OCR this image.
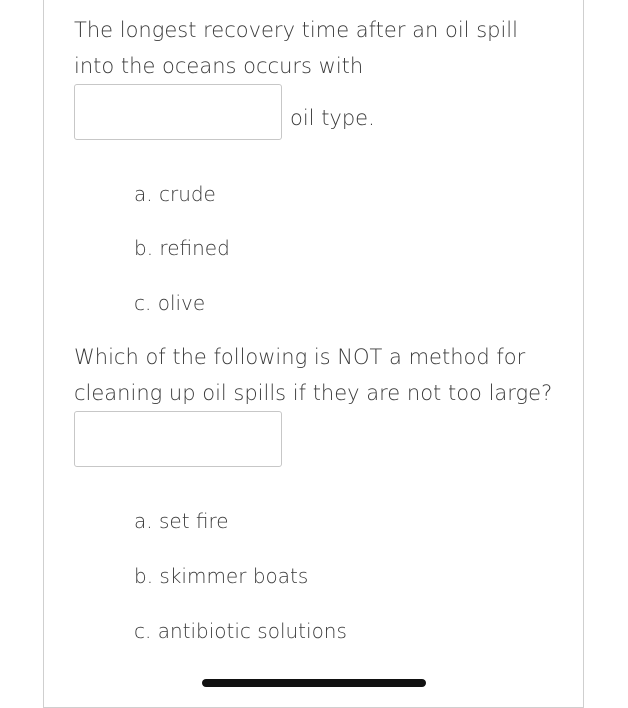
The longest recovery time after an oil spill
into the oceans occurs with
oil type.
a. crude
b. refined
c. olive
Which of the following is NOT a method for
cleaning up oil spills if they are not too large?
a. set fire
b. skimmer boats
c. antibiotic solutions
